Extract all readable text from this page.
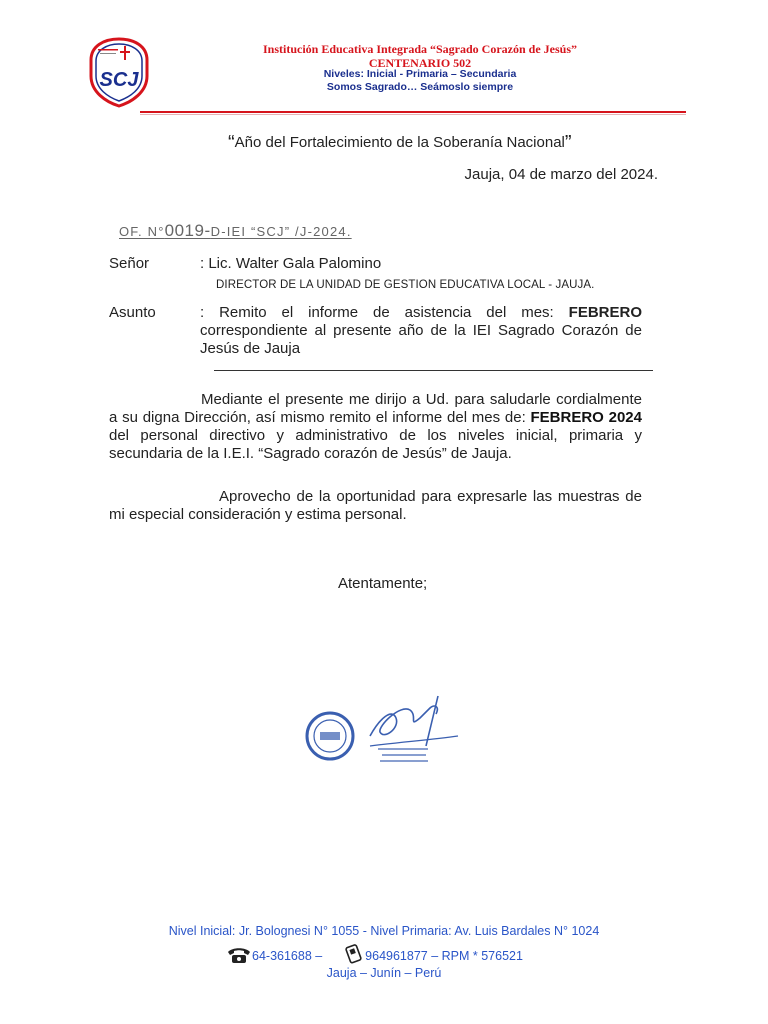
SCJ
Institución Educativa Integrada “Sagrado Corazón de Jesús”
CENTENARIO 502
Niveles: Inicial - Primaria – Secundaria
Somos Sagrado… Seámoslo siempre
“Año del Fortalecimiento de la Soberanía Nacional”
Jauja, 04 de marzo del 2024.
OF. N°0019-D-IEI “SCJ” /J-2024.
Señor	: Lic. Walter Gala Palomino
DIRECTOR DE LA UNIDAD DE GESTION EDUCATIVA LOCAL - JAUJA.
Asunto	: Remito el informe de asistencia del mes: FEBRERO correspondiente al presente año de la IEI Sagrado Corazón de Jesús de Jauja
Mediante el presente me dirijo a Ud. para saludarle cordialmente a su digna Dirección, así mismo remito el informe del mes de: FEBRERO 2024 del personal directivo y administrativo de los niveles inicial, primaria y secundaria de la I.E.I. “Sagrado corazón de Jesús” de Jauja.
Aprovecho de la oportunidad para expresarle las muestras de mi especial consideración y estima personal.
Atentamente;
Nivel Inicial: Jr. Bolognesi N° 1055 - Nivel Primaria: Av. Luis Bardales N° 1024
64-361688 –	964961877 – RPM * 576521
Jauja – Junín – Perú
